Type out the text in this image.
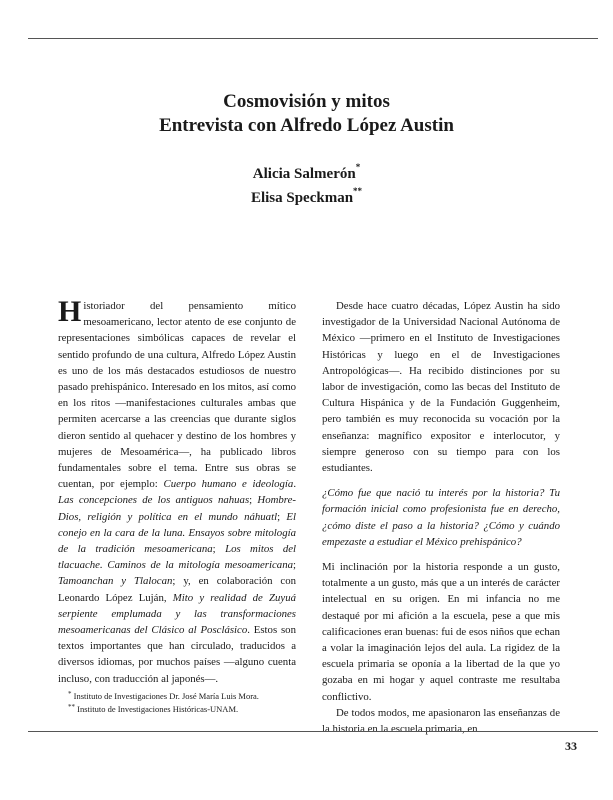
Cosmovisión y mitos
Entrevista con Alfredo López Austin
Alicia Salmerón*
Elisa Speckman**

Historiador del pensamiento mítico mesoamericano, lector atento de ese conjunto de representaciones simbólicas capaces de revelar el sentido profundo de una cultura, Alfredo López Austin es uno de los más destacados estudiosos de nuestro pasado prehispánico. Interesado en los mitos, así como en los ritos —manifestaciones culturales ambas que permiten acercarse a las creencias que durante siglos dieron sentido al quehacer y destino de los hombres y mujeres de Mesoamérica—, ha publicado libros fundamentales sobre el tema. Entre sus obras se cuentan, por ejemplo: Cuerpo humano e ideología. Las concepciones de los antiguos nahuas; Hombre-Dios, religión y política en el mundo náhuatl; El conejo en la cara de la luna. Ensayos sobre mitología de la tradición mesoamericana; Los mitos del tlacuache. Caminos de la mitología mesoamericana; Tamoanchan y Tlalocan; y, en colaboración con Leonardo López Luján, Mito y realidad de Zuyuá serpiente emplumada y las transformaciones mesoamericanas del Clásico al Posclásico. Estos son textos importantes que han circulado, traducidos a diversos idiomas, por muchos países —alguno cuenta incluso, con traducción al japonés—.

Desde hace cuatro décadas, López Austin ha sido investigador de la Universidad Nacional Autónoma de México —primero en el Instituto de Investigaciones Históricas y luego en el de Investigaciones Antropológicas—. Ha recibido distinciones por su labor de investigación, como las becas del Instituto de Cultura Hispánica y de la Fundación Guggenheim, pero también es muy reconocida su vocación por la enseñanza: magnífico expositor e interlocutor, y siempre generoso con su tiempo para con los estudiantes.

¿Cómo fue que nació tu interés por la historia? Tu formación inicial como profesionista fue en derecho, ¿cómo diste el paso a la historia? ¿Cómo y cuándo empezaste a estudiar el México prehispánico?

Mi inclinación por la historia responde a un gusto, totalmente a un gusto, más que a un interés de carácter intelectual en su origen. En mi infancia no me destaqué por mi afición a la escuela, pese a que mis calificaciones eran buenas: fui de esos niños que echan a volar la imaginación lejos del aula. La rigidez de la escuela primaria se oponía a la libertad de la que yo gozaba en mi hogar y aquel contraste me resultaba conflictivo.

De todos modos, me apasionaron las enseñanzas de la historia en la escuela primaria, en

* Instituto de Investigaciones Dr. José María Luis Mora.

** Instituto de Investigaciones Históricas-UNAM.

33
